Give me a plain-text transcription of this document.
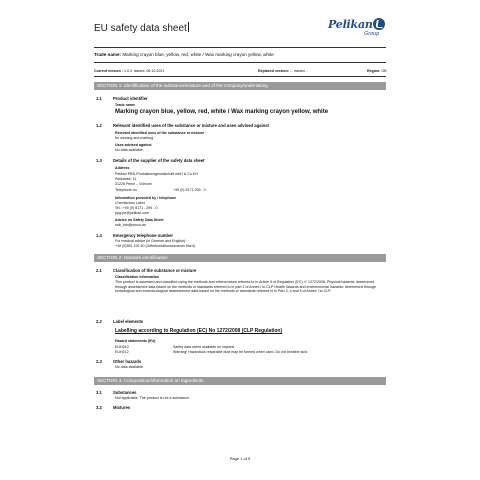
EU safety data sheet	Pelikan
Group
Trade name: Marking crayon blue, yellow, red, white / Wax marking crayon yellow, white
Current version : 1.0.0, issued: 06.10.2021	Replaced version: - , issued: -	Region: GB
SECTION 1: Identification of the substance/mixture and of the company/undertaking
1.1	Product identifier
Trade name
Marking crayon blue, yellow, red, white / Wax marking crayon yellow, white
1.2	Relevant identified uses of the substance or mixture and uses advised against
Relevant identified uses of the substance or mixture
for winning and marking
Uses advised against
No data available.
1.3	Details of the supplier of the safety data sheet
Address
Pelikan PBS-Produktionsgesellschaft mbH & Co.KG
Pelikanstr. 11
31228 Peine – Vöhrum
Telephone no.	+49 (0) 5171 299 - 0
Information provided by / telephone
Chemisches Labor
Tel.: +49 (0) 5171 - 299 - 0
ppg-pe@pelikan.com
Advice on Safety Data Sheet
sdb_info@umco.de
1.4	Emergency telephone number
For medical advice (in German and English):
+49 (0)551 192 40 (Giftinformationszentrum Nord)
SECTION 2: Hazards identification
2.1	Classification of the substance or mixture
Classification information
This product is assessed and classified using the methods and criteria below referred to in Article 9 of Regulation (EC) n° 1272/2008: Physical hazards: determined through assessment data based on the methods or standards referred to in part 2 of Annex I to CLP Health hazards and environmental hazards: determined through toxicological and ecotoxicological assessement data based on the methods or standards referred to in Part 3, 4 and 5 of Annex I to CLP.
2.2	Label elements
Labelling according to Regulation (EC) No 1272/2008 (CLP Regulation)
Hazard statements (EU)
EUH210	Safety data sheet available on request.
EUH212	Warning! Hazardous respirable dust may be formed when used. Do not breathe dust.
2.3	Other hazards
No data available.
SECTION 3: Composition/information on ingredients
3.1	Substances
Not applicable. The product is not a substance.
3.2	Mixtures
Page 1 of 9
